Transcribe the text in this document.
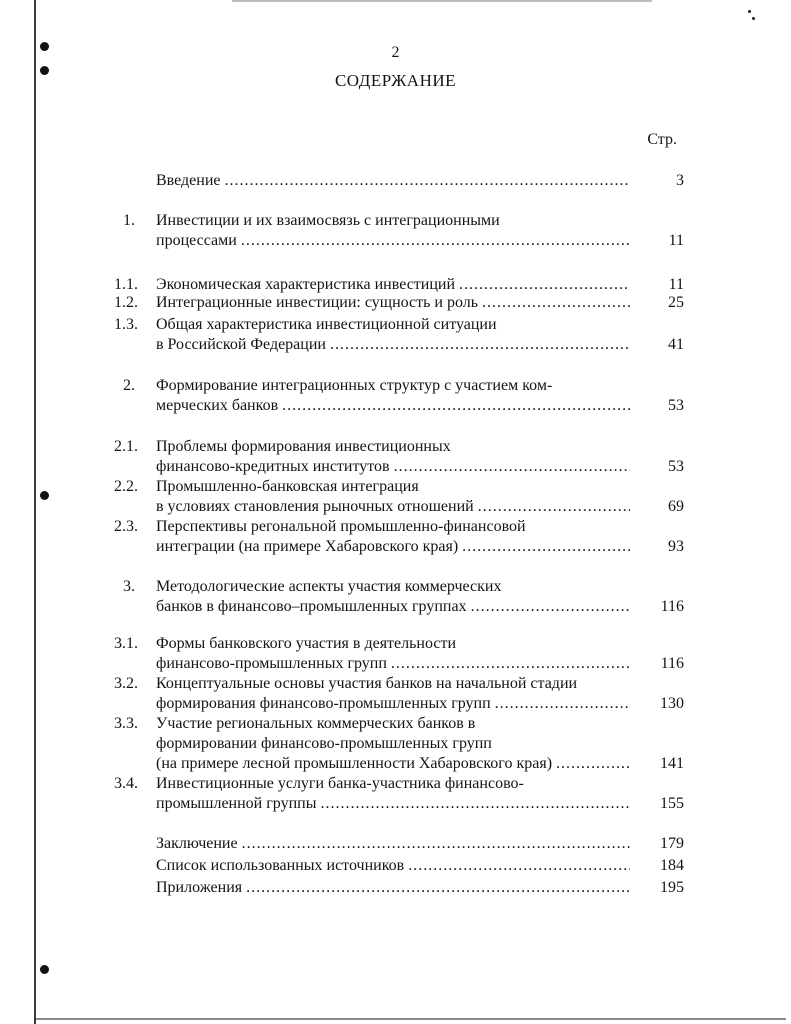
2
СОДЕРЖАНИЕ
Стр.
Введение .....	3
1.	Инвестиции и их взаимосвязь с интеграционными
процессами .....	11
1.1.	Экономическая характеристика инвестиций .....	11
1.2.	Интеграционные инвестиции: сущность и роль .....	25
1.3.	Общая характеристика инвестиционной ситуации
в Российской Федерации .....	41
2.	Формирование интеграционных структур с участием ком-
мерческих банков .....	53
2.1.	Проблемы формирования инвестиционных
финансово-кредитных институтов .....	53
2.2.	Промышленно-банковская интеграция
в условиях становления рыночных отношений .....	69
2.3.	Перспективы регональной промышленно-финансовой
интеграции (на примере Хабаровского края) .....	93
3.	Методологические аспекты участия коммерческих
банков в финансово–промышленных группах .....	116
3.1.	Формы банковского участия в деятельности
финансово-промышленных групп .....	116
3.2.	Концептуальные основы участия банков на начальной стадии
формирования финансово-промышленных групп .....	130
3.3.	Участие региональных коммерческих банков в
формировании финансово-промышленных групп
(на примере лесной промышленности Хабаровского края) .....	141
3.4.	Инвестиционные услуги банка-участника финансово-
промышленной группы .....	155
Заключение .....	179
Список использованных источников .....	184
Приложения .....	195
